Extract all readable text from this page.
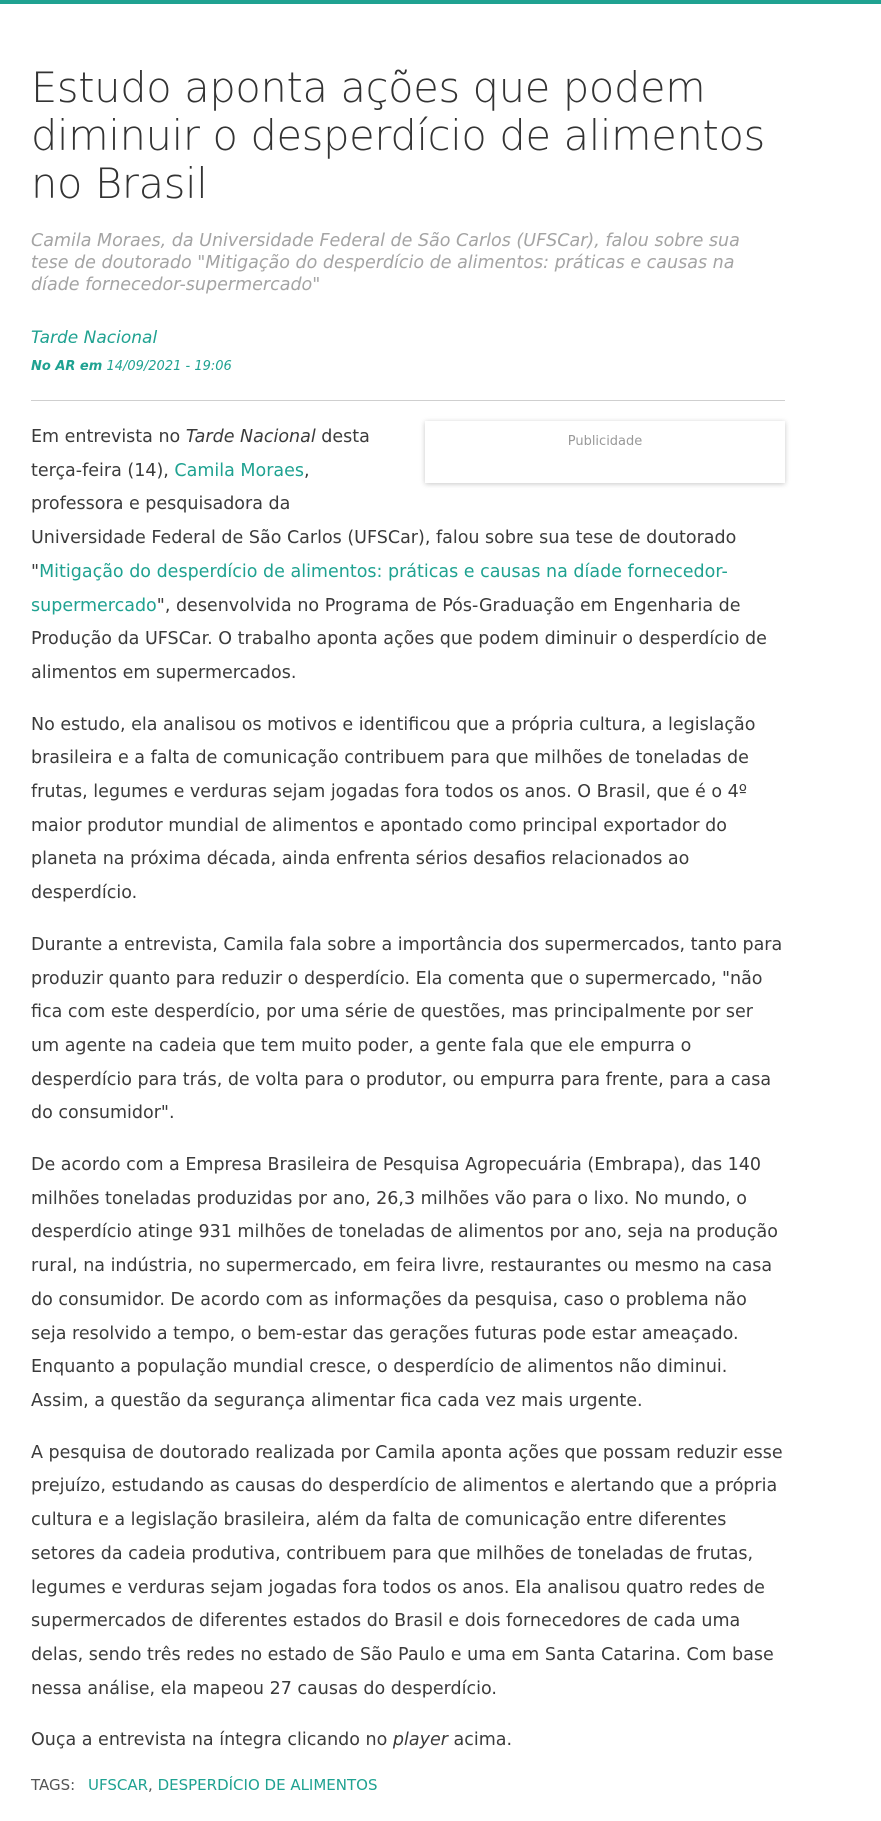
Estudo aponta ações que podem diminuir o desperdício de alimentos no Brasil
Camila Moraes, da Universidade Federal de São Carlos (UFSCar), falou sobre sua tese de doutorado "Mitigação do desperdício de alimentos: práticas e causas na díade fornecedor-supermercado"
Tarde Nacional
No AR em 14/09/2021 - 19:06
Publicidade

Em entrevista no Tarde Nacional desta terça-feira (14), Camila Moraes, professora e pesquisadora da Universidade Federal de São Carlos (UFSCar), falou sobre sua tese de doutorado "Mitigação do desperdício de alimentos: práticas e causas na díade fornecedor-supermercado", desenvolvida no Programa de Pós-Graduação em Engenharia de Produção da UFSCar. O trabalho aponta ações que podem diminuir o desperdício de alimentos em supermercados.

No estudo, ela analisou os motivos e identificou que a própria cultura, a legislação brasileira e a falta de comunicação contribuem para que milhões de toneladas de frutas, legumes e verduras sejam jogadas fora todos os anos. O Brasil, que é o 4º maior produtor mundial de alimentos e apontado como principal exportador do planeta na próxima década, ainda enfrenta sérios desafios relacionados ao desperdício.

Durante a entrevista, Camila fala sobre a importância dos supermercados, tanto para produzir quanto para reduzir o desperdício. Ela comenta que o supermercado, "não fica com este desperdício, por uma série de questões, mas principalmente por ser um agente na cadeia que tem muito poder, a gente fala que ele empurra o desperdício para trás, de volta para o produtor, ou empurra para frente, para a casa do consumidor".

De acordo com a Empresa Brasileira de Pesquisa Agropecuária (Embrapa), das 140 milhões toneladas produzidas por ano, 26,3 milhões vão para o lixo. No mundo, o desperdício atinge 931 milhões de toneladas de alimentos por ano, seja na produção rural, na indústria, no supermercado, em feira livre, restaurantes ou mesmo na casa do consumidor. De acordo com as informações da pesquisa, caso o problema não seja resolvido a tempo, o bem-estar das gerações futuras pode estar ameaçado. Enquanto a população mundial cresce, o desperdício de alimentos não diminui. Assim, a questão da segurança alimentar fica cada vez mais urgente.

A pesquisa de doutorado realizada por Camila aponta ações que possam reduzir esse prejuízo, estudando as causas do desperdício de alimentos e alertando que a própria cultura e a legislação brasileira, além da falta de comunicação entre diferentes setores da cadeia produtiva, contribuem para que milhões de toneladas de frutas, legumes e verduras sejam jogadas fora todos os anos. Ela analisou quatro redes de supermercados de diferentes estados do Brasil e dois fornecedores de cada uma delas, sendo três redes no estado de São Paulo e uma em Santa Catarina. Com base nessa análise, ela mapeou 27 causas do desperdício.

Ouça a entrevista na íntegra clicando no player acima.

TAGS: UFSCAR, DESPERDÍCIO DE ALIMENTOS
